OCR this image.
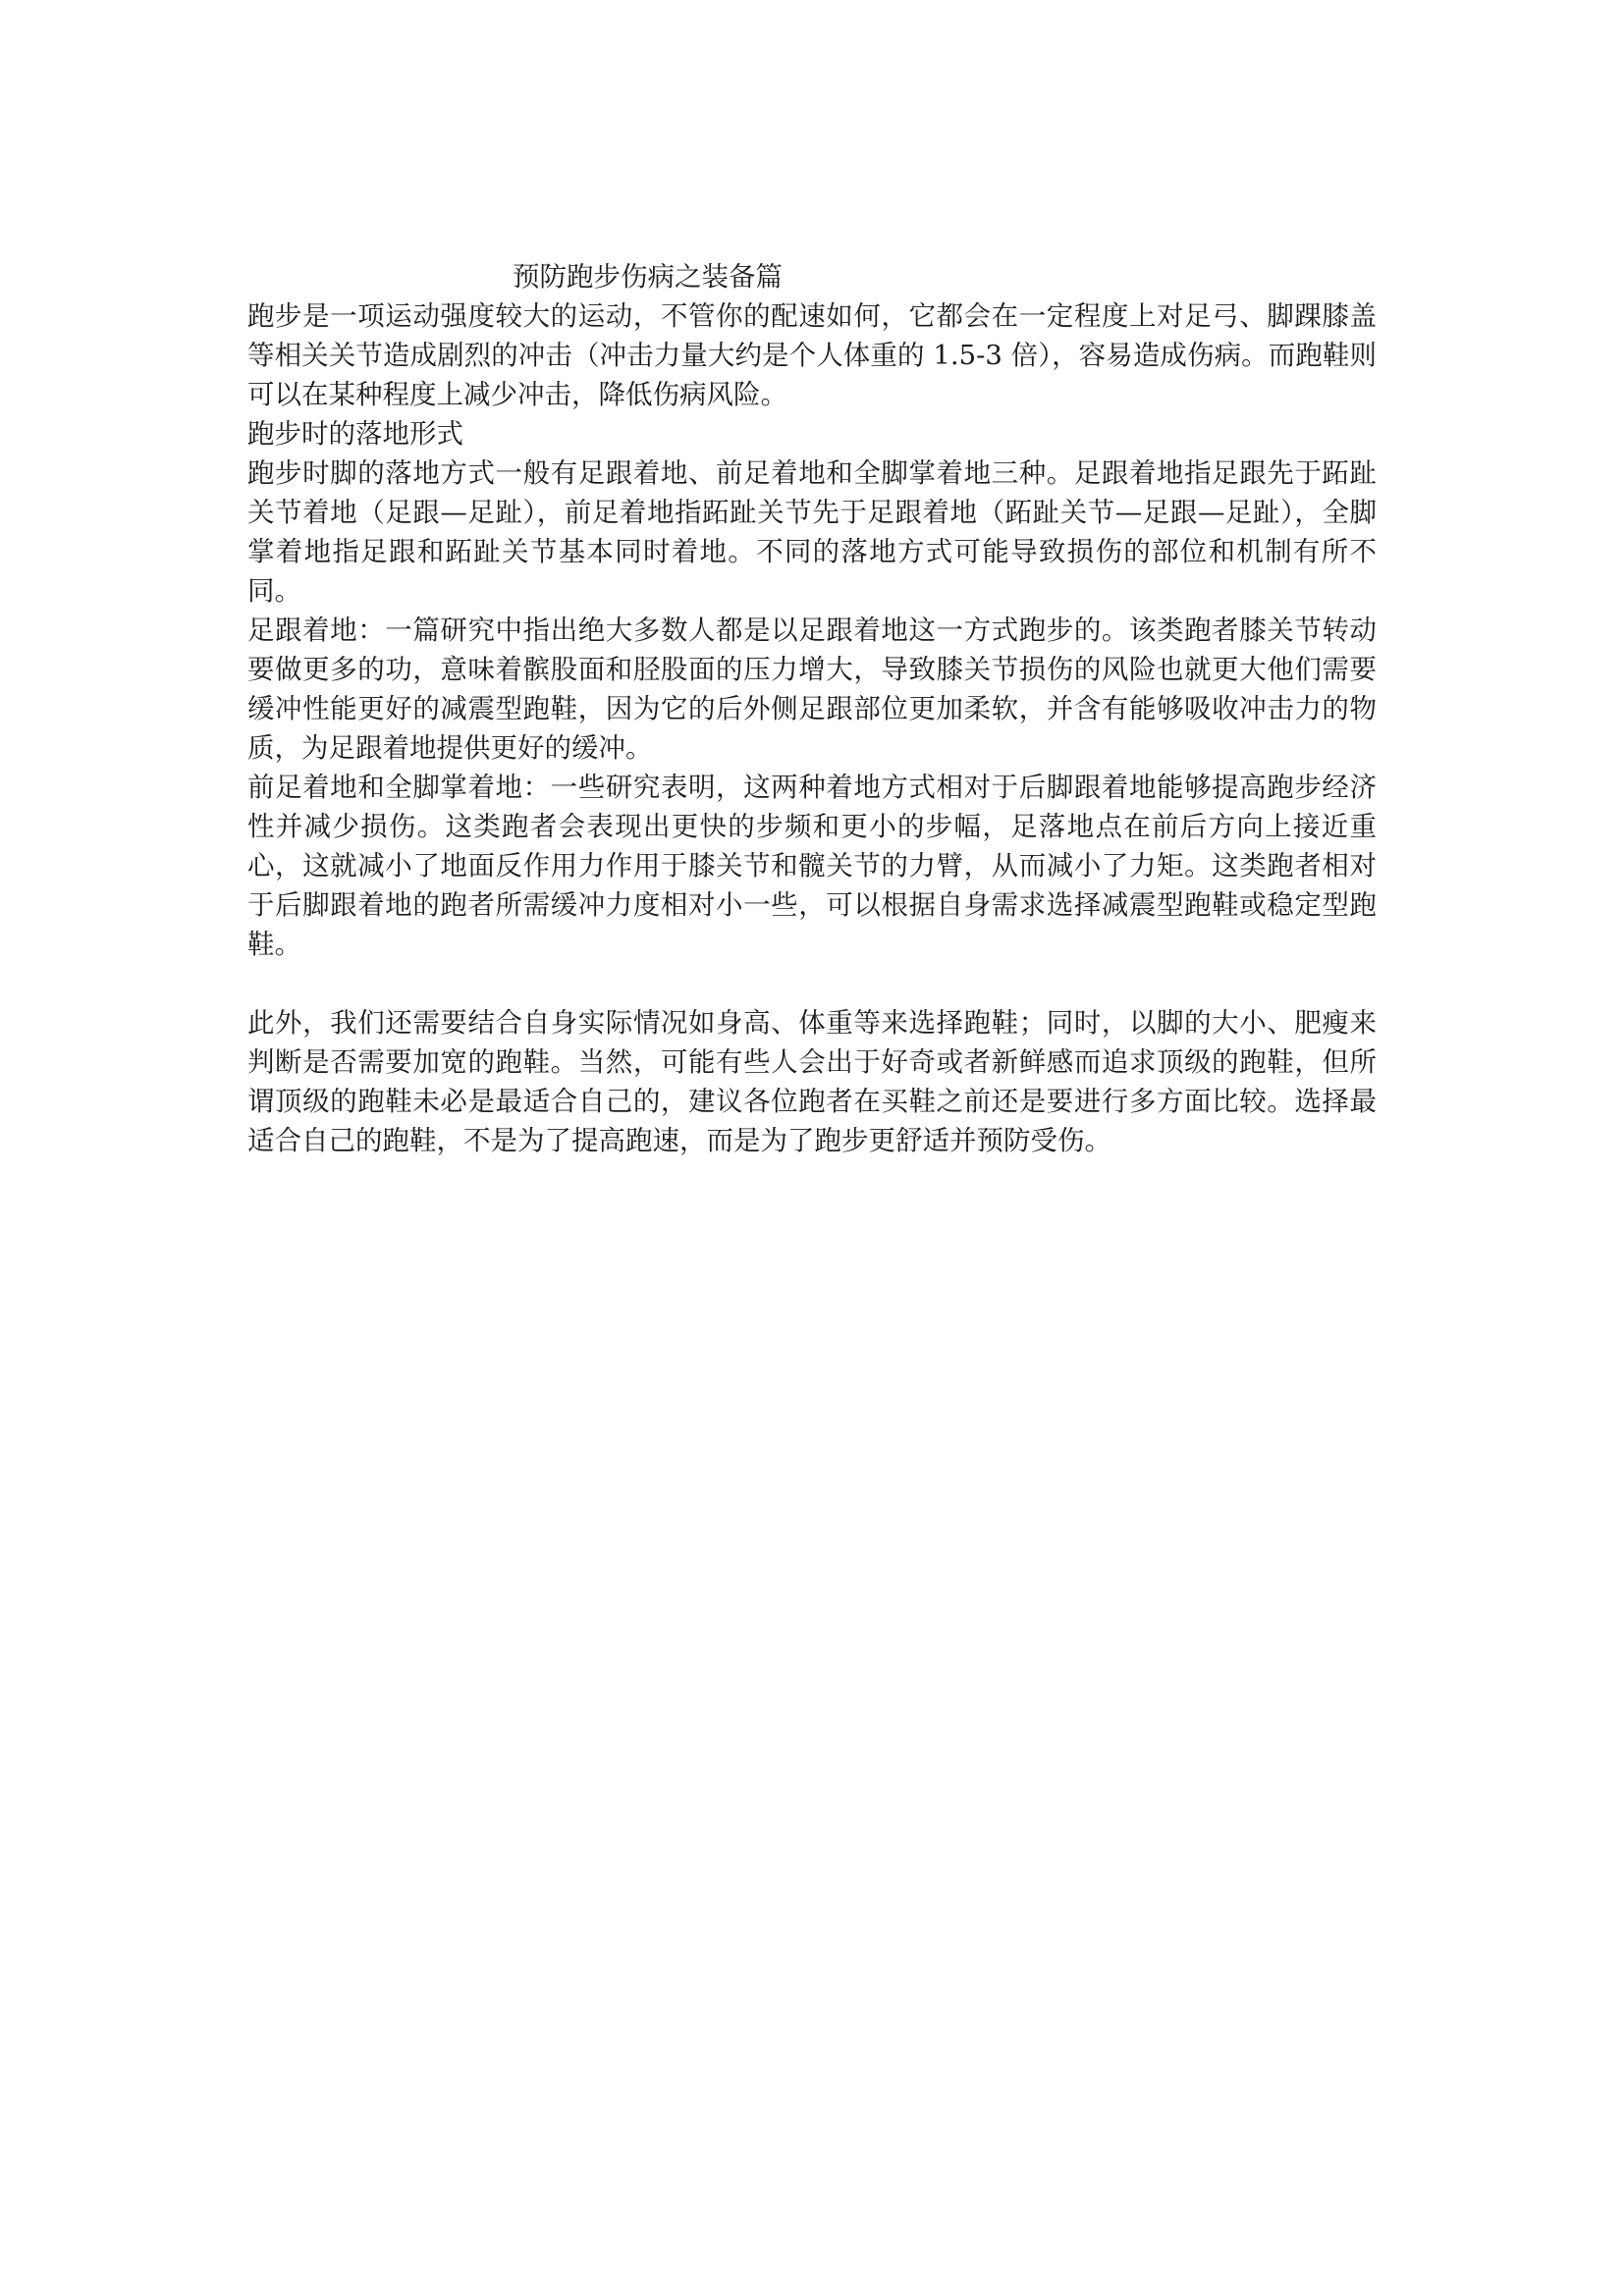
预防跑步伤病之装备篇

跑步是一项运动强度较大的运动，不管你的配速如何，它都会在一定程度上对足弓、脚踝膝盖等相关关节造成剧烈的冲击（冲击力量大约是个人体重的 1.5-3 倍），容易造成伤病。而跑鞋则可以在某种程度上减少冲击，降低伤病风险。

跑步时的落地形式

跑步时脚的落地方式一般有足跟着地、前足着地和全脚掌着地三种。足跟着地指足跟先于跖趾关节着地（足跟—足趾），前足着地指跖趾关节先于足跟着地（跖趾关节—足跟—足趾），全脚掌着地指足跟和跖趾关节基本同时着地。不同的落地方式可能导致损伤的部位和机制有所不同。

足跟着地：一篇研究中指出绝大多数人都是以足跟着地这一方式跑步的。该类跑者膝关节转动要做更多的功，意味着髌股面和胫股面的压力增大，导致膝关节损伤的风险也就更大他们需要缓冲性能更好的减震型跑鞋，因为它的后外侧足跟部位更加柔软，并含有能够吸收冲击力的物质，为足跟着地提供更好的缓冲。

前足着地和全脚掌着地：一些研究表明，这两种着地方式相对于后脚跟着地能够提高跑步经济性并减少损伤。这类跑者会表现出更快的步频和更小的步幅，足落地点在前后方向上接近重心，这就减小了地面反作用力作用于膝关节和髋关节的力臂，从而减小了力矩。这类跑者相对于后脚跟着地的跑者所需缓冲力度相对小一些，可以根据自身需求选择减震型跑鞋或稳定型跑鞋。

此外，我们还需要结合自身实际情况如身高、体重等来选择跑鞋；同时，以脚的大小、肥瘦来判断是否需要加宽的跑鞋。当然，可能有些人会出于好奇或者新鲜感而追求顶级的跑鞋，但所谓顶级的跑鞋未必是最适合自己的，建议各位跑者在买鞋之前还是要进行多方面比较。选择最适合自己的跑鞋，不是为了提高跑速，而是为了跑步更舒适并预防受伤。
